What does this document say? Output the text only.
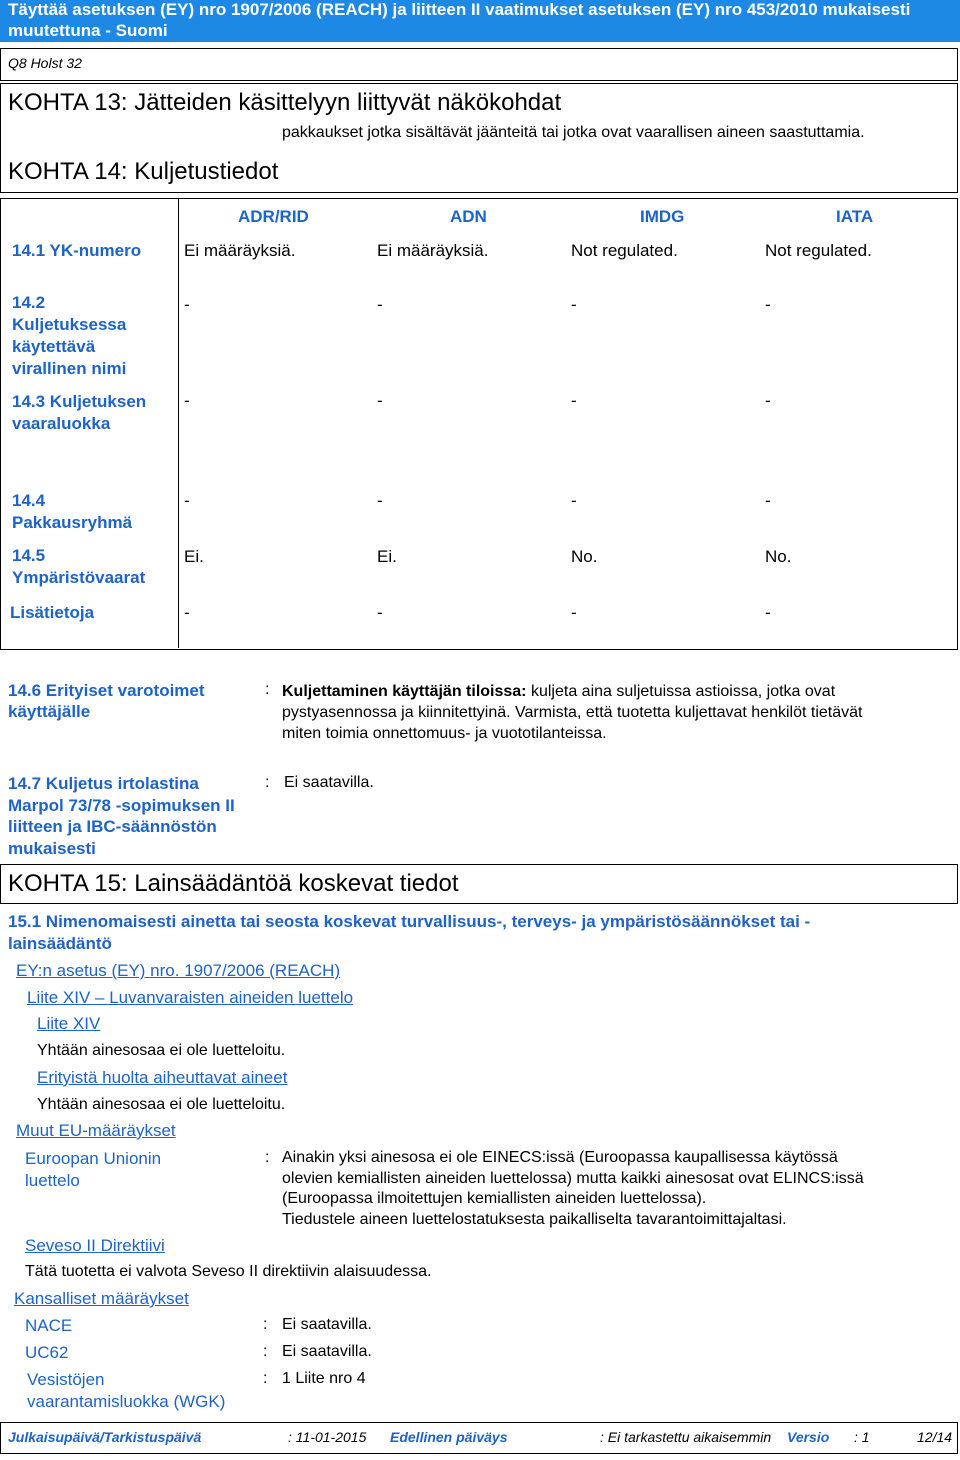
Täyttää asetuksen (EY) nro 1907/2006 (REACH) ja liitteen II vaatimukset asetuksen (EY) nro 453/2010 mukaisesti
muutettuna - Suomi
Q8 Holst 32
KOHTA 13: Jätteiden käsittelyyn liittyvät näkökohdat
pakkaukset jotka sisältävät jäänteitä tai jotka ovat vaarallisen aineen saastuttamia.
KOHTA 14: Kuljetustiedot
ADR/RID	ADN	IMDG	IATA
14.1 YK-numero	Ei määräyksiä.	Ei määräyksiä.	Not regulated.	Not regulated.
14.2
Kuljetuksessa
käytettävä
virallinen nimi
-	-	-	-
14.3 Kuljetuksen
vaaraluokka
-	-	-	-
14.4
Pakkausryhmä
-	-	-	-
14.5
Ympäristövaarat
Ei.	Ei.	No.	No.
Lisätietoja	-	-	-	-
14.6 Erityiset varotoimet
käyttäjälle
: Kuljettaminen käyttäjän tiloissa: kuljeta aina suljetuissa astioissa, jotka ovat
pystyasennossa ja kiinnitettyinä. Varmista, että tuotetta kuljettavat henkilöt tietävät
miten toimia onnettomuus- ja vuototilanteissa.
14.7 Kuljetus irtolastina
Marpol 73/78 -sopimuksen II
liitteen ja IBC-säännöstön
mukaisesti
: Ei saatavilla.
KOHTA 15: Lainsäädäntöä koskevat tiedot
15.1 Nimenomaisesti ainetta tai seosta koskevat turvallisuus-, terveys- ja ympäristösäännökset tai -
lainsäädäntö
EY:n asetus (EY) nro. 1907/2006 (REACH)
Liite XIV – Luvanvaraisten aineiden luettelo
Liite XIV
Yhtään ainesosaa ei ole luetteloitu.
Erityistä huolta aiheuttavat aineet
Yhtään ainesosaa ei ole luetteloitu.
Muut EU-määräykset
Euroopan Unionin
luettelo
: Ainakin yksi ainesosa ei ole EINECS:issä (Euroopassa kaupallisessa käytössä
olevien kemiallisten aineiden luettelossa) mutta kaikki ainesosat ovat ELINCS:issä
(Euroopassa ilmoitettujen kemiallisten aineiden luettelossa).
Tiedustele aineen luettelostatuksesta paikalliselta tavarantoimittajaltasi.
Seveso II Direktiivi
Tätä tuotetta ei valvota Seveso II direktiivin alaisuudessa.
Kansalliset määräykset
NACE	: Ei saatavilla.
UC62	: Ei saatavilla.
Vesistöjen
vaarantamisluokka (WGK)
: 1 Liite nro 4
Julkaisupäivä/Tarkistuspäivä	: 11-01-2015 Edellinen päiväys	: Ei tarkastettu aikaisemmin Versio : 1	12/14
